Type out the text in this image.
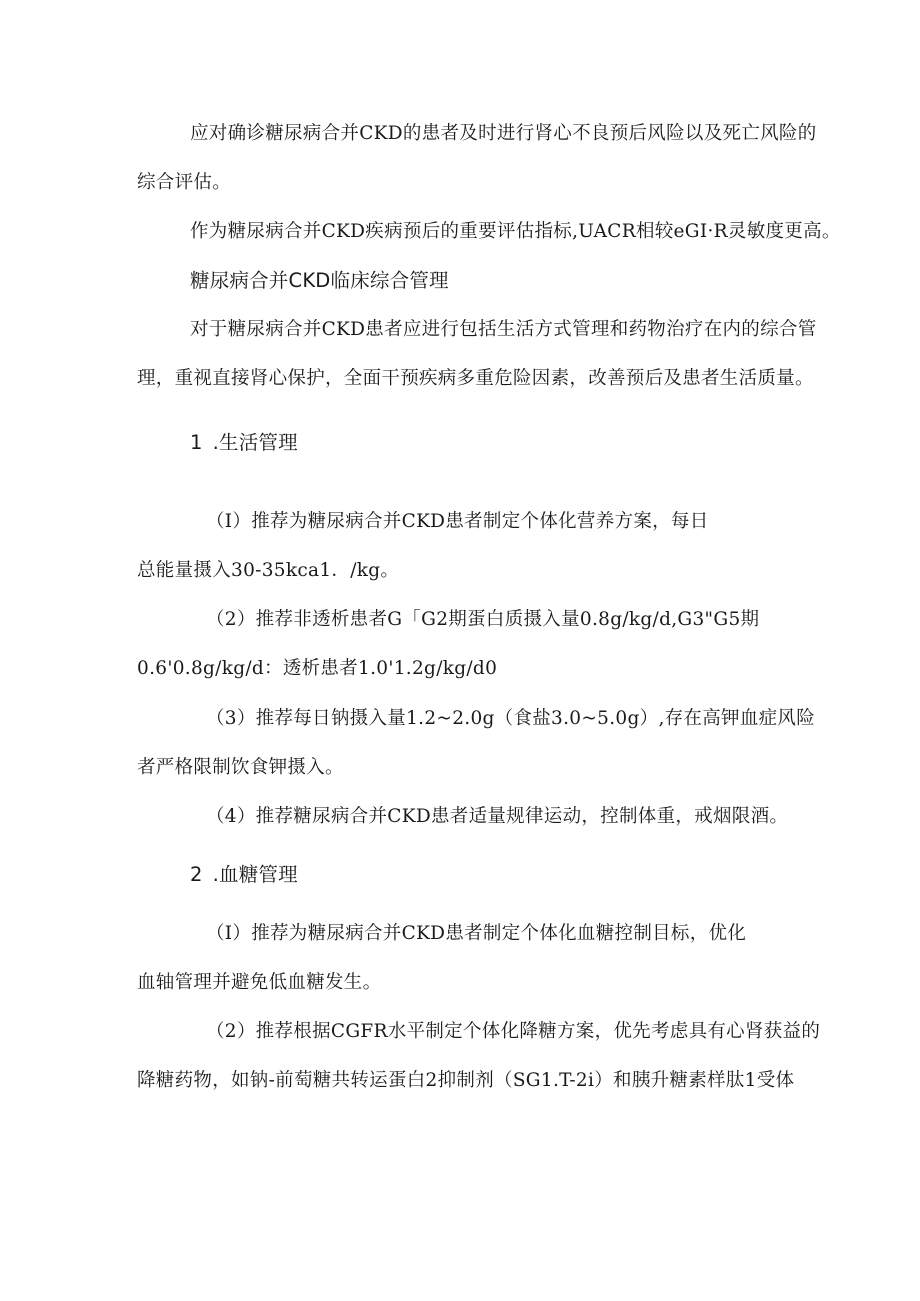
应对确诊糖尿病合并CKD的患者及时进行肾心不良预后风险以及死亡风险的
综合评估。
作为糖尿病合并CKD疾病预后的重要评估指标,UACR相较eGI·R灵敏度更高。
糖尿病合并CKD临床综合管理
对于糖尿病合并CKD患者应进行包括生活方式管理和药物治疗在内的综合管
理，重视直接肾心保护，全面干预疾病多重危险因素，改善预后及患者生活质量。
1 .生活管理
（I）推荐为糖尿病合并CKD患者制定个体化营养方案，每日
总能量摄入30-35kca1．/kg。
（2）推荐非透析患者G「G2期蛋白质摄入量0.8g/kg/d,G3"G5期
0.6'0.8g/kg/d：透析患者1.0'1.2g/kg/d0
（3）推荐每日钠摄入量1.2~2.0g（食盐3.0~5.0g）,存在高钾血症风险
者严格限制饮食钾摄入。
（4）推荐糖尿病合并CKD患者适量规律运动，控制体重，戒烟限酒。
2 .血糖管理
（I）推荐为糖尿病合并CKD患者制定个体化血糖控制目标，优化
血轴管理并避免低血糖发生。
（2）推荐根据CGFR水平制定个体化降糖方案，优先考虑具有心肾获益的
降糖药物，如钠-前萄糖共转运蛋白2抑制剂（SG1.T-2i）和胰升糖素样肽1受体
